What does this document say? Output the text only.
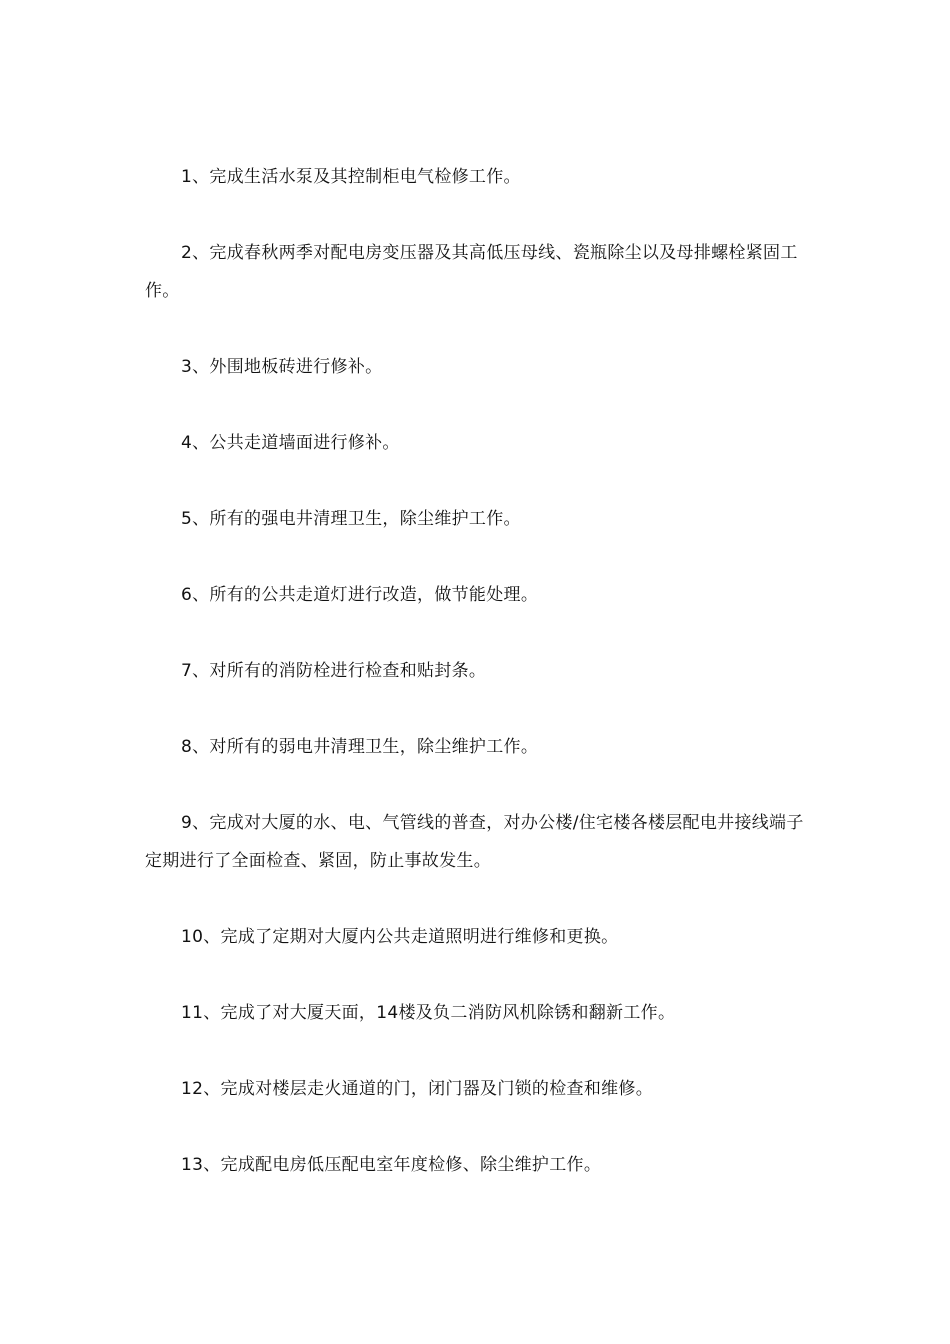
1、完成生活水泵及其控制柜电气检修工作。

2、完成春秋两季对配电房变压器及其高低压母线、瓷瓶除尘以及母排螺栓紧固工作。

3、外围地板砖进行修补。

4、公共走道墙面进行修补。

5、所有的强电井清理卫生，除尘维护工作。

6、所有的公共走道灯进行改造，做节能处理。

7、对所有的消防栓进行检查和贴封条。

8、对所有的弱电井清理卫生，除尘维护工作。

9、完成对大厦的水、电、气管线的普查，对办公楼/住宅楼各楼层配电井接线端子定期进行了全面检查、紧固，防止事故发生。

10、完成了定期对大厦内公共走道照明进行维修和更换。

11、完成了对大厦天面，14楼及负二消防风机除锈和翻新工作。

12、完成对楼层走火通道的门，闭门器及门锁的检查和维修。

13、完成配电房低压配电室年度检修、除尘维护工作。
